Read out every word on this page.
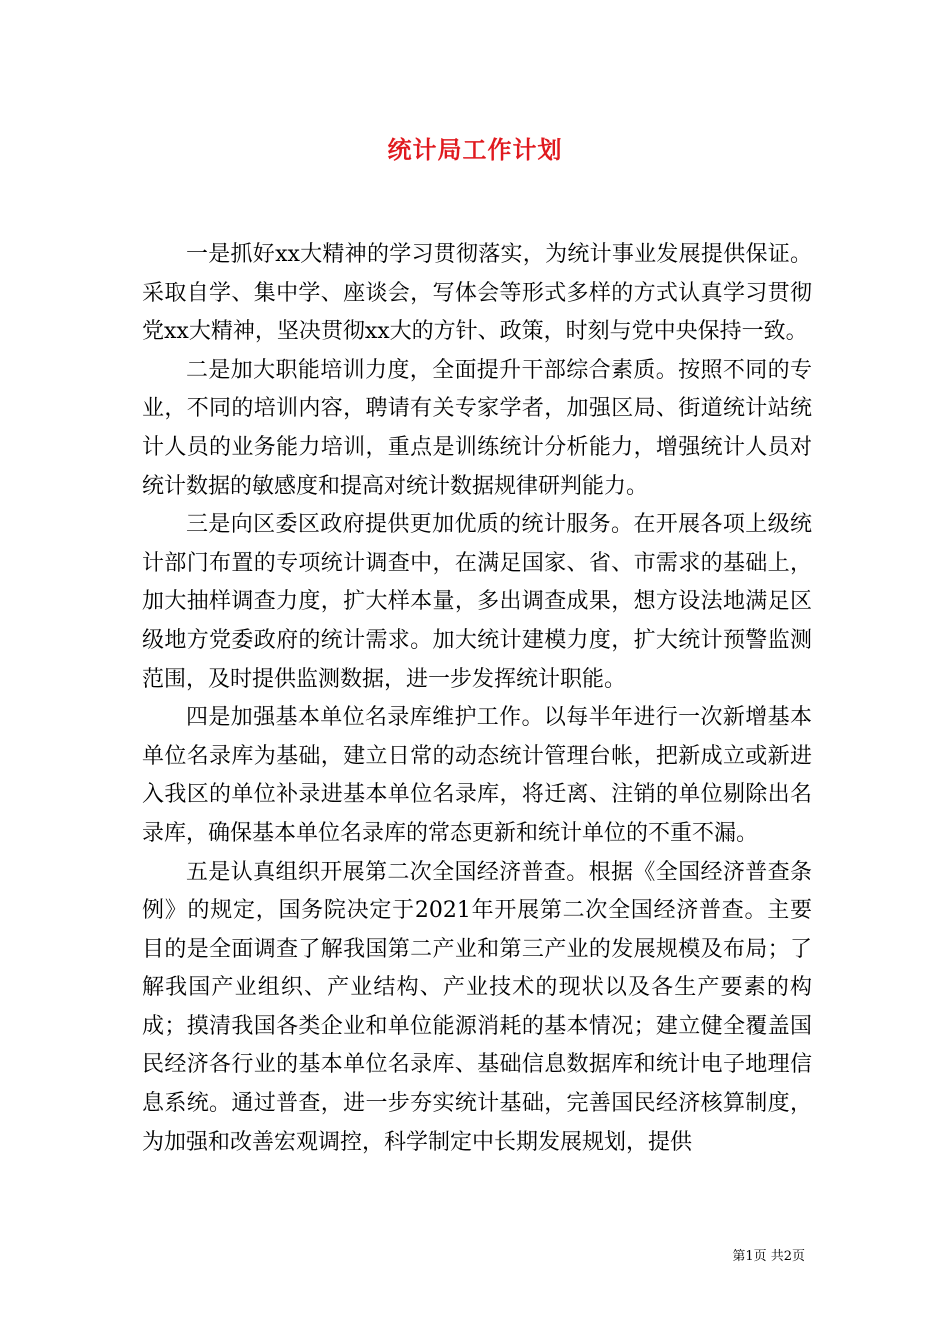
统计局工作计划

一是抓好xx大精神的学习贯彻落实，为统计事业发展提供保证。采取自学、集中学、座谈会，写体会等形式多样的方式认真学习贯彻党xx大精神，坚决贯彻xx大的方针、政策，时刻与党中央保持一致。

二是加大职能培训力度，全面提升干部综合素质。按照不同的专业，不同的培训内容，聘请有关专家学者，加强区局、街道统计站统计人员的业务能力培训，重点是训练统计分析能力，增强统计人员对统计数据的敏感度和提高对统计数据规律研判能力。

三是向区委区政府提供更加优质的统计服务。在开展各项上级统计部门布置的专项统计调查中，在满足国家、省、市需求的基础上，加大抽样调查力度，扩大样本量，多出调查成果，想方设法地满足区级地方党委政府的统计需求。加大统计建模力度，扩大统计预警监测范围，及时提供监测数据，进一步发挥统计职能。

四是加强基本单位名录库维护工作。以每半年进行一次新增基本单位名录库为基础，建立日常的动态统计管理台帐，把新成立或新进入我区的单位补录进基本单位名录库，将迁离、注销的单位剔除出名录库，确保基本单位名录库的常态更新和统计单位的不重不漏。

五是认真组织开展第二次全国经济普查。根据《全国经济普查条例》的规定，国务院决定于2021年开展第二次全国经济普查。主要目的是全面调查了解我国第二产业和第三产业的发展规模及布局；了解我国产业组织、产业结构、产业技术的现状以及各生产要素的构成；摸清我国各类企业和单位能源消耗的基本情况；建立健全覆盖国民经济各行业的基本单位名录库、基础信息数据库和统计电子地理信息系统。通过普查，进一步夯实统计基础，完善国民经济核算制度，为加强和改善宏观调控，科学制定中长期发展规划，提供

第1页 共2页
